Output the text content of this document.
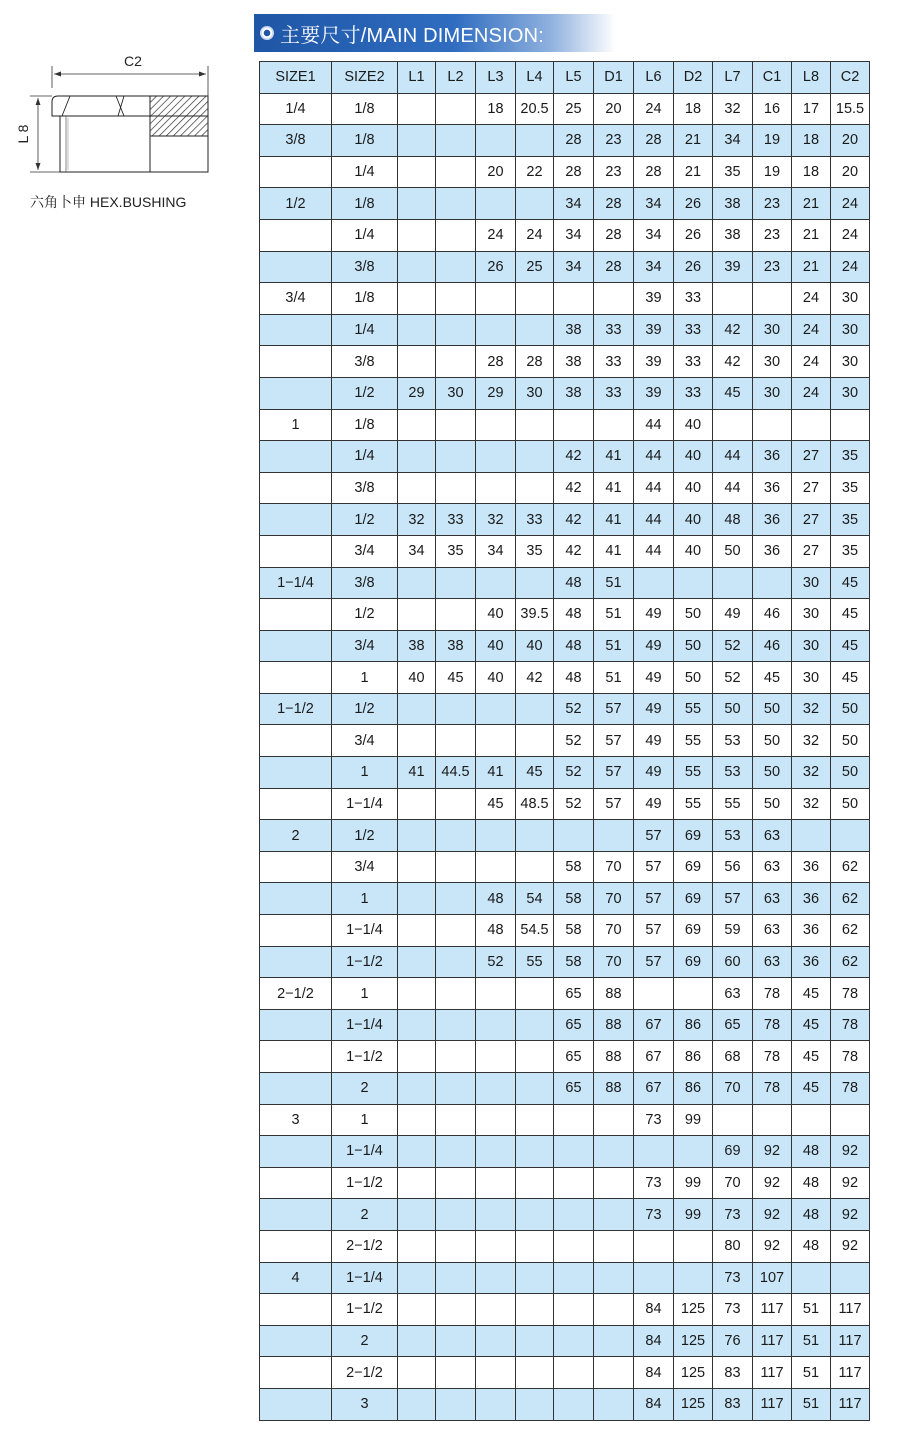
主要尺寸/MAIN DIMENSION:
C2
L 8
六角卜申 HEX.BUSHING
SIZE1	SIZE2	L1	L2	L3	L4	L5	D1	L6	D2	L7	C1	L8	C2
1/4	1/8			18	20.5	25	20	24	18	32	16	17	15.5
3/8	1/8					28	23	28	21	34	19	18	20
	1/4			20	22	28	23	28	21	35	19	18	20
1/2	1/8					34	28	34	26	38	23	21	24
	1/4			24	24	34	28	34	26	38	23	21	24
	3/8			26	25	34	28	34	26	39	23	21	24
3/4	1/8							39	33			24	30
	1/4					38	33	39	33	42	30	24	30
	3/8			28	28	38	33	39	33	42	30	24	30
	1/2	29	30	29	30	38	33	39	33	45	30	24	30
1	1/8							44	40				
	1/4					42	41	44	40	44	36	27	35
	3/8					42	41	44	40	44	36	27	35
	1/2	32	33	32	33	42	41	44	40	48	36	27	35
	3/4	34	35	34	35	42	41	44	40	50	36	27	35
1−1/4	3/8					48	51					30	45
	1/2			40	39.5	48	51	49	50	49	46	30	45
	3/4	38	38	40	40	48	51	49	50	52	46	30	45
	1	40	45	40	42	48	51	49	50	52	45	30	45
1−1/2	1/2					52	57	49	55	50	50	32	50
	3/4					52	57	49	55	53	50	32	50
	1	41	44.5	41	45	52	57	49	55	53	50	32	50
	1−1/4			45	48.5	52	57	49	55	55	50	32	50
2	1/2							57	69	53	63		
	3/4					58	70	57	69	56	63	36	62
	1			48	54	58	70	57	69	57	63	36	62
	1−1/4			48	54.5	58	70	57	69	59	63	36	62
	1−1/2			52	55	58	70	57	69	60	63	36	62
2−1/2	1					65	88			63	78	45	78
	1−1/4					65	88	67	86	65	78	45	78
	1−1/2					65	88	67	86	68	78	45	78
	2					65	88	67	86	70	78	45	78
3	1							73	99				
	1−1/4									69	92	48	92
	1−1/2							73	99	70	92	48	92
	2							73	99	73	92	48	92
	2−1/2									80	92	48	92
4	1−1/4									73	107		
	1−1/2							84	125	73	117	51	117
	2							84	125	76	117	51	117
	2−1/2							84	125	83	117	51	117
	3							84	125	83	117	51	117
